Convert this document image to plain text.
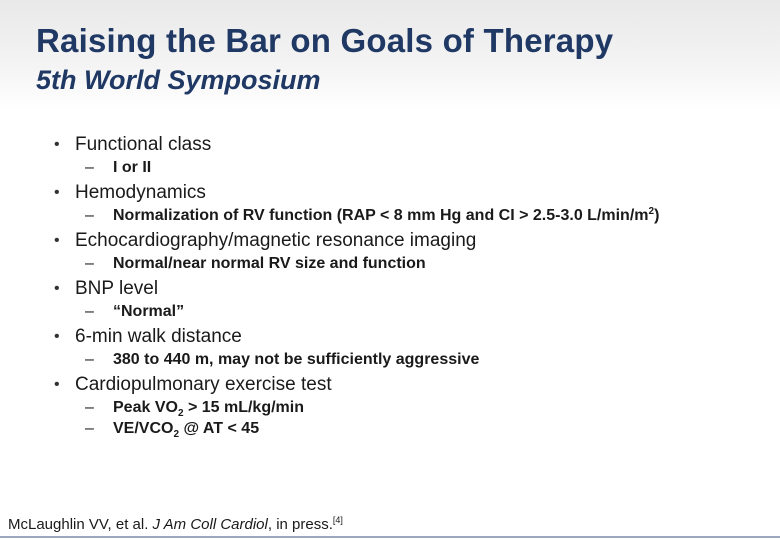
Raising the Bar on Goals of Therapy
5th World Symposium
• Functional class
– I or II
• Hemodynamics
– Normalization of RV function (RAP < 8 mm Hg and CI > 2.5-3.0 $L/\min/m^2$)
• Echocardiography/magnetic resonance imaging
– Normal/near normal RV size and function
• BNP level
– “Normal”
• 6-min walk distance
– 380 to 440 m, may not be sufficiently aggressive
• Cardiopulmonary exercise test
– Peak $VO_2 > 15$ mL/kg/min
– $VE/VCO_2$ @ AT < 45
McLaughlin VV, et al. J Am Coll Cardiol, in press.[4]
